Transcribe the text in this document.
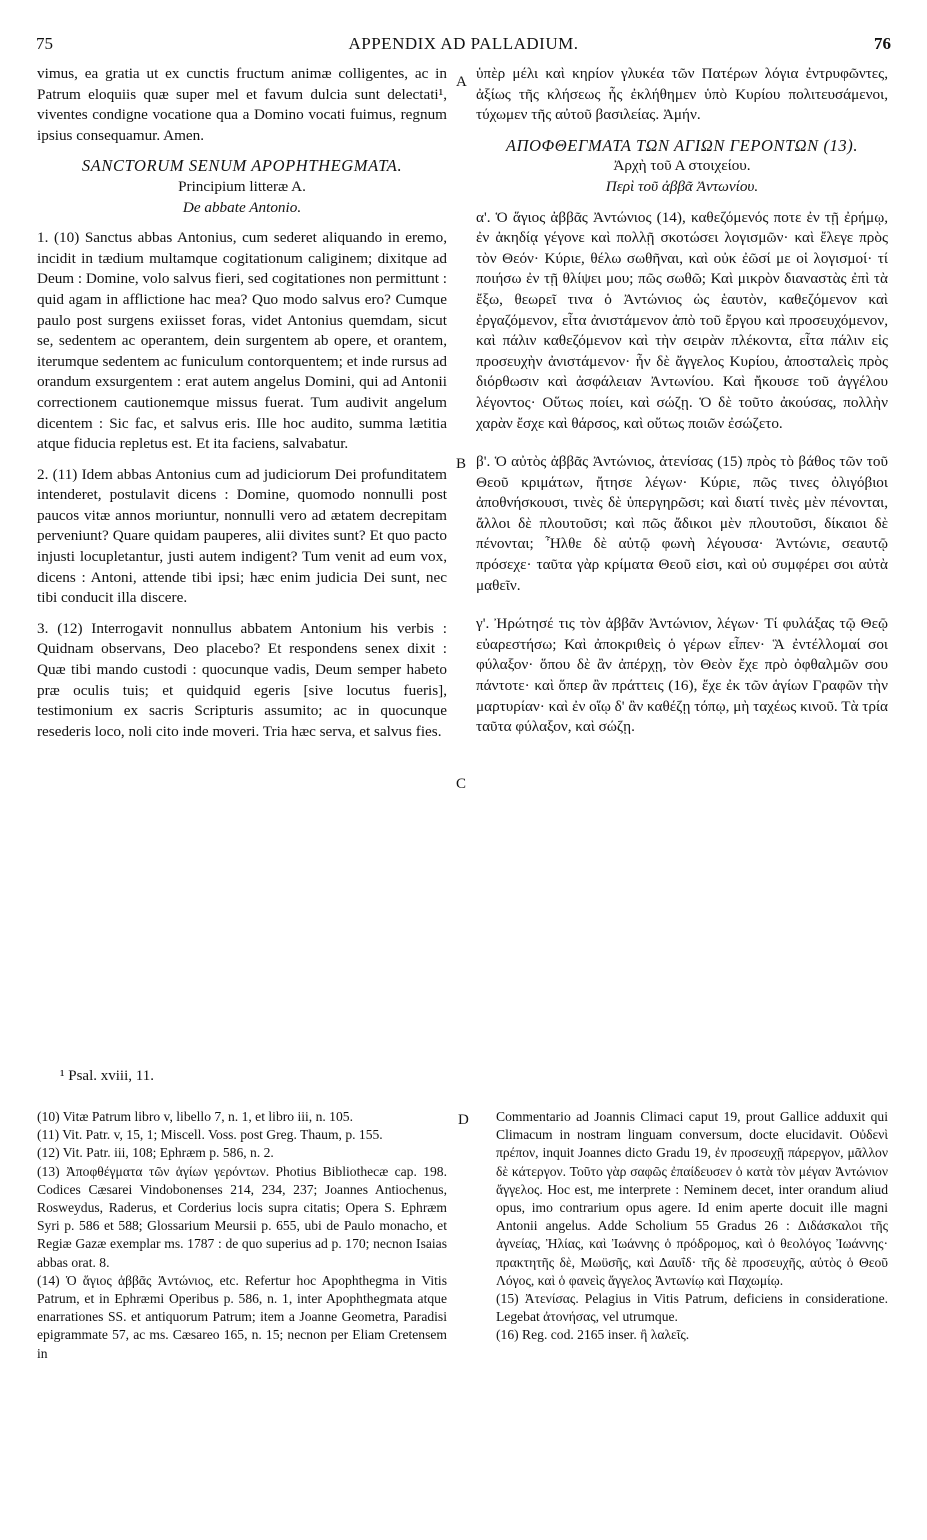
75	APPENDIX AD PALLADIUM.	76
A
B
C
D

vimus, ea gratia ut ex cunctis fructum animæ colligentes, ac in Patrum eloquiis quæ super mel et favum dulcia sunt delectati¹, viventes condigne vocatione qua a Domino vocati fuimus, regnum ipsius consequamur. Amen.

SANCTORUM SENUM APOPHTHEGMATA.

Principium litteræ A.

De abbate Antonio.

1. (10) Sanctus abbas Antonius, cum sederet aliquando in eremo, incidit in tædium multamque cogitationum caliginem; dixitque ad Deum : Domine, volo salvus fieri, sed cogitationes non permittunt : quid agam in afflictione hac mea? Quo modo salvus ero? Cumque paulo post surgens exiisset foras, videt Antonius quemdam, sicut se, sedentem ac operantem, dein surgentem ab opere, et orantem, iterumque sedentem ac funiculum contorquentem; et inde rursus ad orandum exsurgentem : erat autem angelus Domini, qui ad Antonii correctionem cautionemque missus fuerat. Tum audivit angelum dicentem : Sic fac, et salvus eris. Ille hoc audito, summa lætitia atque fiducia repletus est. Et ita faciens, salvabatur.

2. (11) Idem abbas Antonius cum ad judiciorum Dei profunditatem intenderet, postulavit dicens : Domine, quomodo nonnulli post paucos vitæ annos moriuntur, nonnulli vero ad ætatem decrepitam perveniunt? Quare quidam pauperes, alii divites sunt? Et quo pacto injusti locupletantur, justi autem indigent? Tum venit ad eum vox, dicens : Antoni, attende tibi ipsi; hæc enim judicia Dei sunt, nec tibi conducit illa discere.

3. (12) Interrogavit nonnullus abbatem Antonium his verbis : Quidnam observans, Deo placebo? Et respondens senex dixit : Quæ tibi mando custodi : quocunque vadis, Deum semper habeto præ oculis tuis; et quidquid egeris [sive locutus fueris], testimonium ex sacris Scripturis assumito; ac in quocunque resederis loco, noli cito inde moveri. Tria hæc serva, et salvus fies.

ὑπὲρ μέλι καὶ κηρίον γλυκέα τῶν Πατέρων λόγια ἐντρυφῶντες, ἀξίως τῆς κλήσεως ἧς ἐκλήθημεν ὑπὸ Κυρίου πολιτευσάμενοι, τύχωμεν τῆς αὐτοῦ βασιλείας. Ἀμήν.

ΑΠΟΦΘΕΓΜΑΤΑ ΤΩΝ ΑΓΙΩΝ ΓΕΡΟΝΤΩΝ (13).

Ἀρχὴ τοῦ Α στοιχείου.

Περὶ τοῦ ἀββᾶ Ἀντωνίου.

α'. Ὁ ἅγιος ἀββᾶς Ἀντώνιος (14), καθεζόμενός ποτε ἐν τῇ ἐρήμῳ, ἐν ἀκηδίᾳ γέγονε καὶ πολλῇ σκοτώσει λογισμῶν· καὶ ἔλεγε πρὸς τὸν Θεόν· Κύριε, θέλω σωθῆναι, καὶ οὐκ ἐῶσί με οἱ λογισμοί· τί ποιήσω ἐν τῇ θλίψει μου; πῶς σωθῶ; Καὶ μικρὸν διαναστὰς ἐπὶ τὰ ἔξω, θεωρεῖ τινα ὁ Ἀντώνιος ὡς ἑαυτὸν, καθεζόμενον καὶ ἐργαζόμενον, εἶτα ἀνιστάμενον ἀπὸ τοῦ ἔργου καὶ προσευχόμενον, καὶ πάλιν καθεζόμενον καὶ τὴν σειρὰν πλέκοντα, εἶτα πάλιν εἰς προσευχὴν ἀνιστάμενον· ἦν δὲ ἄγγελος Κυρίου, ἀποσταλεὶς πρὸς διόρθωσιν καὶ ἀσφάλειαν Ἀντωνίου. Καὶ ἤκουσε τοῦ ἀγγέλου λέγοντος· Οὕτως ποίει, καὶ σώζῃ. Ὁ δὲ τοῦτο ἀκούσας, πολλὴν χαρὰν ἔσχε καὶ θάρσος, καὶ οὕτως ποιῶν ἐσώζετο.

β'. Ὁ αὐτὸς ἀββᾶς Ἀντώνιος, ἀτενίσας (15) πρὸς τὸ βάθος τῶν τοῦ Θεοῦ κριμάτων, ἤτησε λέγων· Κύριε, πῶς τινες ὀλιγόβιοι ἀποθνήσκουσι, τινὲς δὲ ὑπεργηρῶσι; καὶ διατί τινὲς μὲν πένονται, ἄλλοι δὲ πλουτοῦσι; καὶ πῶς ἄδικοι μὲν πλουτοῦσι, δίκαιοι δὲ πένονται; Ἦλθε δὲ αὐτῷ φωνὴ λέγουσα· Ἀντώνιε, σεαυτῷ πρόσεχε· ταῦτα γὰρ κρίματα Θεοῦ εἰσι, καὶ οὐ συμφέρει σοι αὐτὰ μαθεῖν.

γ'. Ἠρώτησέ τις τὸν ἀββᾶν Ἀντώνιον, λέγων· Τί φυλάξας τῷ Θεῷ εὐαρεστήσω; Καὶ ἀποκριθεὶς ὁ γέρων εἶπεν· Ἃ ἐντέλλομαί σοι φύλαξον· ὅπου δὲ ἂν ἀπέρχῃ, τὸν Θεὸν ἔχε πρὸ ὀφθαλμῶν σου πάντοτε· καὶ ὅπερ ἂν πράττεις (16), ἔχε ἐκ τῶν ἁγίων Γραφῶν τὴν μαρτυρίαν· καὶ ἐν οἵῳ δ' ἂν καθέζῃ τόπῳ, μὴ ταχέως κινοῦ. Τὰ τρία ταῦτα φύλαξον, καὶ σώζῃ.

¹ Psal. xviii, 11.

(10) Vitæ Patrum libro v, libello 7, n. 1, et libro iii, n. 105.

(11) Vit. Patr. v, 15, 1; Miscell. Voss. post Greg. Thaum, p. 155.

(12) Vit. Patr. iii, 108; Ephræm p. 586, n. 2.

(13) Ἀποφθέγματα τῶν ἁγίων γερόντων. Photius Bibliothecæ cap. 198. Codices Cæsarei Vindobonenses 214, 234, 237; Joannes Antiochenus, Rosweydus, Raderus, et Corderius locis supra citatis; Opera S. Ephræm Syri p. 586 et 588; Glossarium Meursii p. 655, ubi de Paulo monacho, et Regiæ Gazæ exemplar ms. 1787 : de quo superius ad p. 170; necnon Isaias abbas orat. 8.

(14) Ὁ ἅγιος ἀββᾶς Ἀντώνιος, etc. Refertur hoc Apophthegma in Vitis Patrum, et in Ephræmi Operibus p. 586, n. 1, inter Apophthegmata atque enarrationes SS. et antiquorum Patrum; item a Joanne Geometra, Paradisi epigrammate 57, ac ms. Cæsareo 165, n. 15; necnon per Eliam Cretensem in

Commentario ad Joannis Climaci caput 19, prout Gallice adduxit qui Climacum in nostram linguam conversum, docte elucidavit. Οὐδενὶ πρέπον, inquit Joannes dicto Gradu 19, ἐν προσευχῇ πάρεργον, μᾶλλον δὲ κάτεργον. Τοῦτο γὰρ σαφῶς ἐπαίδευσεν ὁ κατὰ τὸν μέγαν Ἀντώνιον ἄγγελος. Hoc est, me interprete : Neminem decet, inter orandum aliud opus, imo contrarium opus agere. Id enim aperte docuit ille magni Antonii angelus. Adde Scholium 55 Gradus 26 : Διδάσκαλοι τῆς ἀγνείας, Ἠλίας, καὶ Ἰωάννης ὁ πρόδρομος, καὶ ὁ θεολόγος Ἰωάννης· πρακτητῆς δὲ, Μωϋσῆς, καὶ Δαυΐδ· τῆς δὲ προσευχῆς, αὐτὸς ὁ Θεοῦ Λόγος, καὶ ὁ φανεὶς ἄγγελος Ἀντωνίῳ καὶ Παχωμίῳ.

(15) Ἀτενίσας. Pelagius in Vitis Patrum, deficiens in consideratione. Legebat ἀτονήσας, vel utrumque.

(16) Reg. cod. 2165 inser. ἢ λαλεῖς.
